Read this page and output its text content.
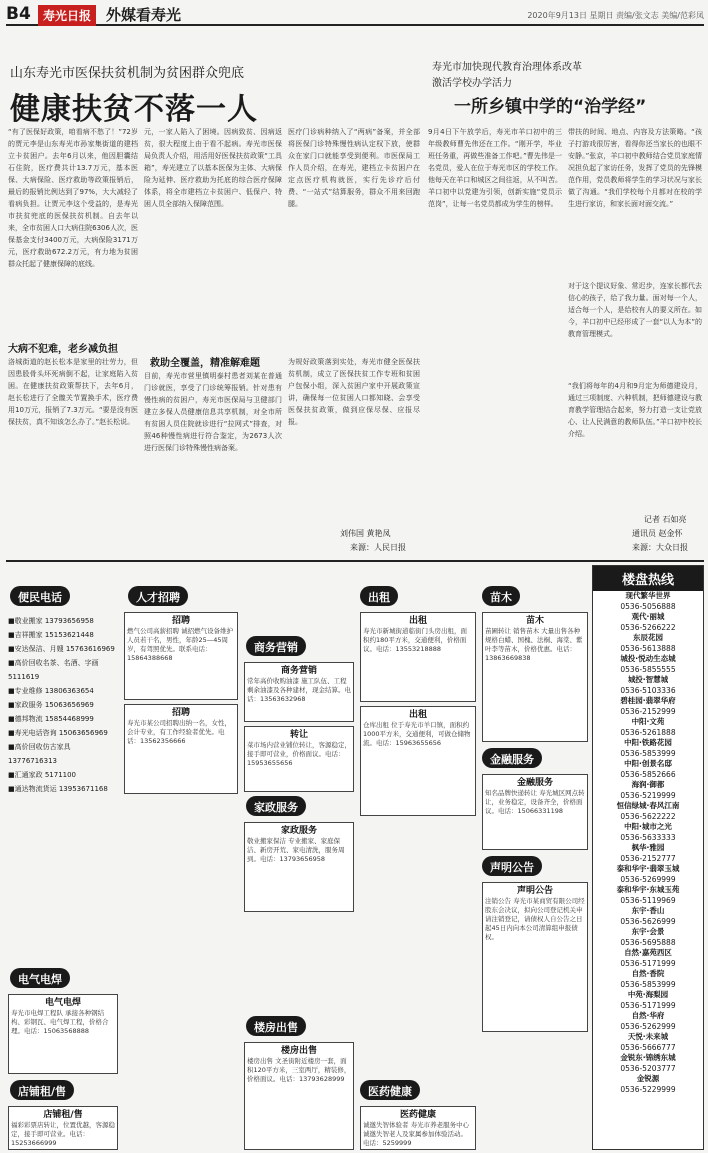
B4	寿光日报 外媒看寿光	2020年9月13日 星期日 责编/张文志 美编/范彩凤
山东寿光市医保扶贫机制为贫困群众兜底
健康扶贫不落一人
“有了医保好政策，咱看病不愁了！”72岁的贾元李是山东寿光市孙家集街道的建档立卡贫困户。去年6月以来，他因胆囊结石住院，医疗费共计13.7万元，基本医保、大病保险、医疗救助等政策报销后，最后的报销比例达到了97%，大大减轻了看病负担。让贾元李这个受益的，是寿光市扶贫兜底的医保扶贫机制。自去年以来，全市贫困人口大病住院6306人次，医保基金支付3400万元，大病保险3171万元，医疗救助672.2万元，有力地为贫困群众托起了健康保障的底线。
大病不犯难，老乡减负担
洛城街道的赵长松本是家里的壮劳力，但因患股骨头坏死病倒不起，让家庭陷入贫困。在健康扶贫政策帮扶下，去年6月，赵长松进行了全髋关节置换手术，医疗费用10万元，报销了7.3万元。“要是没有医保扶贫，真不知该怎么办了。”赵长松说。
元，一家人陷入了困境。因病致贫、因病返贫，很大程度上由于看不起病。寿光市医保局负责人介绍，用活用好医保扶贫政策“工具箱”，寿光建立了以基本医保为主体、大病保险为延伸、医疗救助为托底的综合医疗保障体系，将全市建档立卡贫困户、低保户、特困人员全部纳入保障范围。
救助全覆盖，精准解难题
目前，寿光市营里镇明泰村患者刘某在普通门诊就医，享受了门诊统筹报销。针对患有慢性病的贫困户，寿光市医保局与卫健部门建立多保人员健康信息共享机制，对全市所有贫困人员住院就诊进行“拉网式”排查，对照46种慢性病进行符合鉴定，为2673人次进行医保门诊特殊慢性病备案。
医疗门诊病种纳入了“两病”备案，并全部将医保门诊特殊慢性病认定权下放，使群众在家门口就能享受到便利。市医保局工作人员介绍，在寿光，建档立卡贫困户在定点医疗机构就医，实行先诊疗后付费、“一站式”结算服务，群众不用来回跑腿。
为规好政策落到实处，寿光市健全医保扶贫机制，成立了医保扶贫工作专班和贫困户包保小组，深入贫困户家中开展政策宣讲，确保每一位贫困人口都知晓、会享受医保扶贫政策，做到应保尽保、应报尽报。
刘伟国 黄艳凤
来源：人民日报
寿光市加快现代教育治理体系改革
激活学校办学活力
一所乡镇中学的“治学经”
9月4日下午放学后，寿光市羊口初中的三年级教师曹先伟还在工作。“刚开学，毕业班任务重，再做些准备工作吧。”曹先伟是一名党员，爱人在位于寿光市区的学校工作。他每天在羊口和城区之间往返，从不叫苦。羊口初中以党建为引领，创新实施“党员示范岗”，让每一名党员都成为学生的榜样。
带扶的时间、地点、内容及方法策略。“孩子打游戏很厉害，看得你还当家长的也眼不安静。”张京，羊口初中教师结合党员家庭情况担负起了家访任务，发挥了党员的先锋模范作用，党员教师将学生的学习状况与家长做了沟通。“我们学校每个月都对在校的学生进行家访，和家长面对面交流。”
对于这个提议好象、常迟步，连家长都代去信心的孩子，给了我力量。面对每一个人，适合每一个人，是给校有人的要义所在。如今，羊口初中已经形成了一套“以人为本”的教育管理模式。
“我们将每年的4月和9月定为师德建设月，通过三项制度、六种机制，把师德建设与教育教学管理结合起来，努力打造一支让党放心、让人民满意的教师队伍。”羊口初中校长介绍。
记者 石如亮
通讯员 赵金怀
来源：大众日报
便民电话	人才招聘	出租	苗木
商务营销
金融服务
家政服务
声明公告
电气电焊
店铺租/售
楼房出售
医药健康
■敬业搬家 13793656958
■吉祥搬家 15153621448
■安达保洁、月嫂 15763616969
■高价回收名茶、名酒、字画 5111619
■专业维修 13806363654
■家政服务 15063656969
■德邦物流 15854468999
■寿光电话咨询 15063656969
■高价回收仿古家具 13776716313
■汇通家政 5171100
■通达物流货运 13953671168
招聘
燃气公司高薪招聘 诚招燃气设备维护人员若干名，男性，年龄25—45周岁，有驾照优先。联系电话：15864388668
招聘
寿光市某公司招聘出纳一名，女性，会计专业，有工作经验者优先。电话：13562356666
出租
寿光市新城街道临街门头房出租，面积约180平方米，交通便利，价格面议。电话：13553218888
苗木
苗圃转让 销售苗木 大量出售各种规格白蜡、国槐、法桐、海棠、紫叶李等苗木，价格优惠。电话：13863669838
商务营销
常年高价收购油漆 施工队伍、工程剩余油漆及各种建材，现金结算。电话：13563632968
转让
菜市场内营业铺位转让，客源稳定，接手即可营业，价格面议。电话：15953655656
家政服务
敬业搬家保洁 专业搬家、家庭保洁、新房开荒、家电清洗，服务周到。电话：13793656958
出租
仓库出租 位于寿光市羊口镇，面积约1000平方米，交通便利，可做仓储物流。电话：15963655656
金融服务
知名品牌快递转让 寿光城区网点转让，业务稳定，设备齐全，价格面议。电话：15066331198
声明公告
注销公告 寿光市某商贸有限公司经股东会决议，拟向公司登记机关申请注销登记，请债权人自公告之日起45日内向本公司清算组申报债权。
电气电焊
寿光市电焊工程队 承接各种钢结构、彩钢瓦、电气焊工程，价格合理。电话：15063568888
店铺租/售
福彩彩票店转让，位置优越，客源稳定，接手即可营业。电话：15253666999
楼房出售
楼房出售 文圣街附近楼房一套，面积120平方米，三室两厅，精装修，价格面议。电话：13793628999
医药健康
诚邀失智体验者 寿光市养老服务中心诚邀失智老人及家属参加体验活动。电话：5259999
楼盘热线
现代繁华世界
0536-5056888
观代·丽城
0536-5266222
东辰花园
0536-5613888
城投·悦动生态城
0536-5855555
城投·智慧城
0536-5103336
碧桂园·翡翠华府
0536-2152999
中阳·文苑
0536-5261888
中阳·铁路花园
0536-5853999
中阳·创景名邸
0536-5852666
海润·御都
0536-5219999
恒信绿城·春风江南
0536-5622222
中阳·城市之光
0536-5633333
枫华·雅园
0536-2152777
泰和华宇·翡翠玉城
0536-5269999
泰和华宇·东城玉苑
0536-5119969
东宇·香山
0536-5626999
东宇·会景
0536-5695888
自然·嘉苑西区
0536-5171999
自然·香院
0536-5853999
中苑·海梨园
0536-5171999
自然·华府
0536-5262999
天悦·未来城
0536-5666777
金锐东·锦绣东城
0536-5203777
金锐源
0536-5229999
